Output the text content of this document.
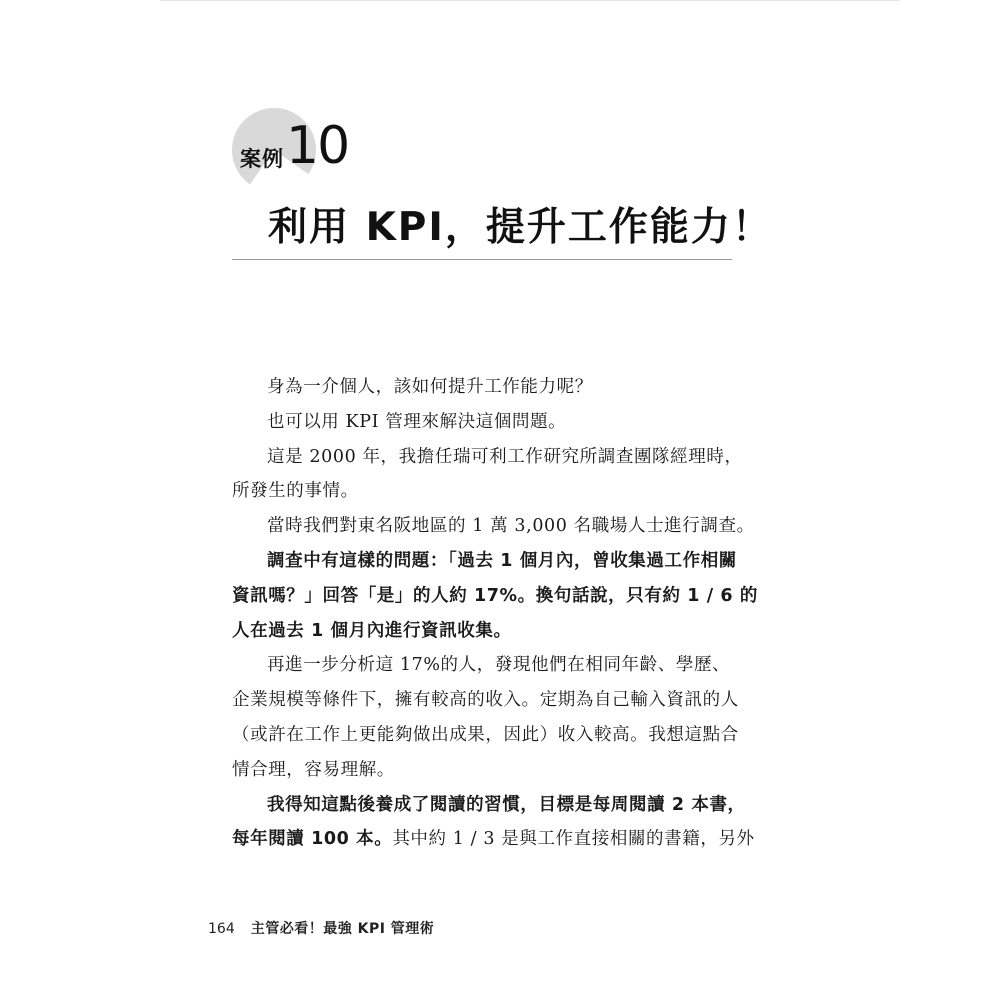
案例 10
利用 KPI，提升工作能力！

身為一介個人，該如何提升工作能力呢？

也可以用 KPI 管理來解決這個問題。

這是 2000 年，我擔任瑞可利工作研究所調查團隊經理時，
所發生的事情。

當時我們對東名阪地區的 1 萬 3,000 名職場人士進行調查。

調查中有這樣的問題：「過去 1 個月內，曾收集過工作相關
資訊嗎？」回答「是」的人約 17%。換句話說，只有約 1 / 6 的
人在過去 1 個月內進行資訊收集。

再進一步分析這 17%的人，發現他們在相同年齡、學歷、
企業規模等條件下，擁有較高的收入。定期為自己輸入資訊的人
（或許在工作上更能夠做出成果，因此）收入較高。我想這點合
情合理，容易理解。

我得知這點後養成了閱讀的習慣，目標是每周閱讀 2 本書，
每年閱讀 100 本。其中約 1 / 3 是與工作直接相關的書籍，另外

164 主管必看！最強 KPI 管理術
